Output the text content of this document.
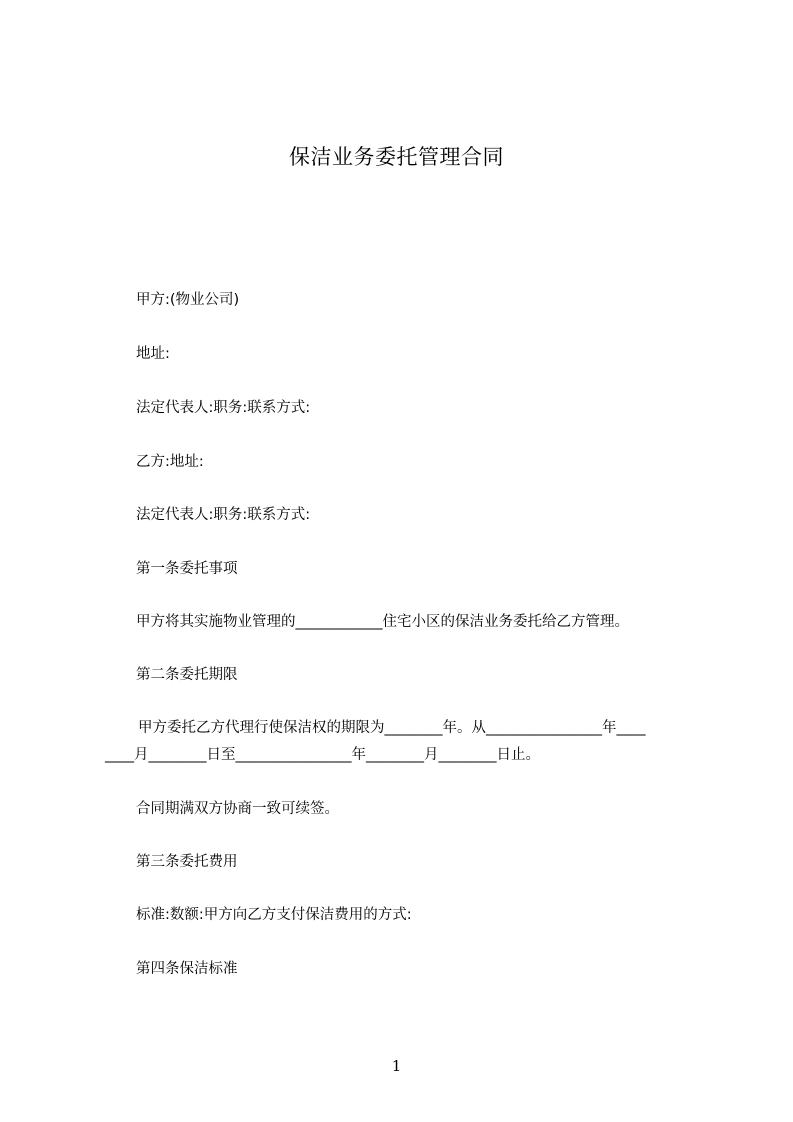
保洁业务委托管理合同
甲方:(物业公司)
地址:
法定代表人:职务:联系方式:
乙方:地址:
法定代表人:职务:联系方式:
第一条委托事项
甲方将其实施物业管理的____________住宅小区的保洁业务委托给乙方管理。
第二条委托期限
甲方委托乙方代理行使保洁权的期限为________年。从________________年____
____月________日至________________年________月________日止。
合同期满双方协商一致可续签。
第三条委托费用
标准:数额:甲方向乙方支付保洁费用的方式:
第四条保洁标准
1
